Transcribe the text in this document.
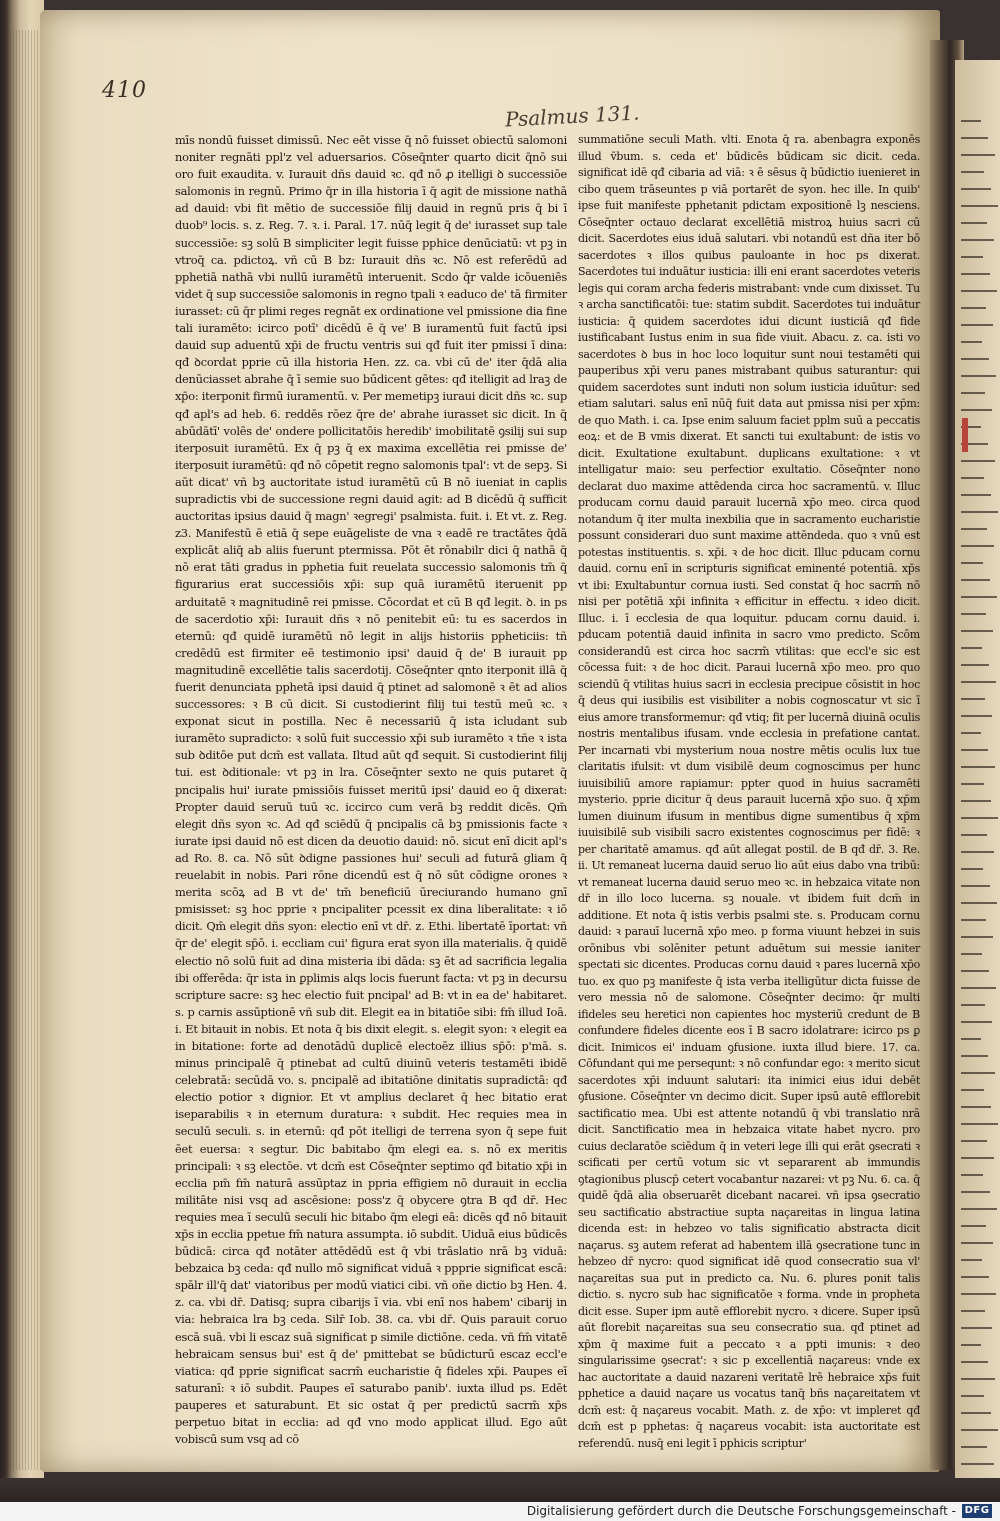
410
Psalmus 131.

mīs nondū fuisset dimissū. Nec eēt visse q̄ nō fuisset obiectū salomoni noniter regnāti ppl'z vel aduersarios. Cōseq̄nter quarto dicit q̄nō sui oro fuit exaudita. v. Iurauit dñs dauid ꝛc. qđ nō ꝓ itelligi ꝺ successiōe salomonis in regnū. Primo q̄r in illa historia ī q̄ agit de missione nathā ad dauid: vbi fit mētio de successiōe filij dauid in regnū pris q̄ bi ī duob⁹ locis. s. z. Reg. 7. ꝛ. i. Paral. 17. nūq̄ legit q̄ de' iurasset sup tale successiōe: sꝫ solū B simpliciter legit fuisse pphice denūciatū: vt pꝫ in vtroq̄ ca. pdictoꝝ. vñ cū B bz: Iurauit dñs ꝛc. Nō est referēdū ad pphetiā nathā vbi nullū iuramētū interuenit. Scdo q̄r valde icōueniēs videt q̄ sup successiōe salomonis in regno tpali ꝛ eaduco de' tā firmiter iurasset: cū q̄r plimi reges regnāt ex ordinatione vel pmissione dia fine tali iuramēto: icirco potī' dicēdū ē q̄ ve' B iuramentū fuit factū ipsi dauid sup aduentū xp̄i de fructu ventris sui qđ fuit iter pmissi ī dina: qđ ꝺcordat pprie cū illa historia Hen. zz. ca. vbi cū de' iter q̄dā alia denūciasset abrahe q̄ ī semie suo būdicent gētes: qđ itelligit ad lraꝫ de xp̄o: iterponit firmū iuramentū. v. Per memetipꝫ iuraui dicit dñs ꝛc. sup qđ apl's ad heb. 6. reddēs rōez q̄re de' abrahe iurasset sic dicit. In q̄ abūdātī' volēs de' ondere pollicitatōis heredib' imobilitatē ꝯsilij sui sup iterposuit iuramētū. Ex q̄ pꝫ q̄ ex maxima excellētia rei pmisse de' iterposuit iuramētū: qđ nō cōpetit regno salomonis tpal': vt de sepꝫ. Si aūt dicat' vñ bꝫ auctoritate istud iuramētū cū B nō iueniat in caplis supradictis vbi de successione regni dauid agit: ad B dicēdū q̄ sufficit auctoritas ipsius dauid q̄ magn' ꝛegregi' psalmista. fuit. i. Et vt. z. Reg. z3. Manifestū ē etiā q̄ sepe euāgeliste de vna ꝛ eadē re tractātes q̄dā explicāt aliq̄ ab aliis fuerunt ptermissa. Pōt ēt rōnabilr dici q̄ nathā q̄ nō erat tāti gradus in pphetia fuit reuelata successio salomonis tm̄ q̄ figurarius erat successiōis xp̄i: sup quā iuramētū iteruenit pp arduitatē ꝛ magnitudinē rei pmisse. Cōcordat et cū B qđ legit. ꝺ. in ps de sacerdotio xp̄i: Iurauit dñs ꝛ nō penitebit eū: tu es sacerdos in eternū: qđ quidē iuramētū nō legit in alijs historiis ppheticiis: tñ credēdū est firmiter eē testimonio ipsi' dauid q̄ de' B iurauit pp magnitudinē excellētie talis sacerdotij. Cōseq̄nter qnto iterponit illā q̄ fuerit denunciata pphetā ipsi dauid q̄ ptinet ad salomonē ꝛ ēt ad alios successores: ꝛ B cū dicit. Si custodierint filij tui testū meū ꝛc. ꝛ exponat sicut in postilla. Nec ē necessariū q̄ ista icludant sub iuramēto supradicto: ꝛ solū fuit successio xp̄i sub iuramēto ꝛ tñe ꝛ ista sub ꝺditōe put dcm̄ est vallata. Iltud aūt qđ sequit. Si custodierint filij tui. est ꝺditionale: vt pꝫ in lra. Cōseq̄nter sexto ne quis putaret q̄ pncipalis hui' iurate pmissiōis fuisset meritū ipsi' dauid eo q̄ dixerat: Propter dauid seruū tuū ꝛc. iccirco cum verā bꝫ reddit dicēs. Qm̄ elegit dñs syon ꝛc. Ad qđ sciēdū q̄ pncipalis cā bꝫ pmissionis facte ꝛ iurate ipsi dauid nō est dicen da deuotio dauid: nō. sicut enī dicit apl's ad Ro. 8. ca. Nō sūt ꝺdigne passiones hui' seculi ad futurā gliam q̄ reuelabit in nobis. Pari rōne dicendū est q̄ nō sūt cōdigne orones ꝛ merita scōꝝ ad B vt de' tm̄ beneficiū ūreciurando humano gnī pmisisset: sꝫ hoc pprie ꝛ pncipaliter pcessit ex dina liberalitate: ꝛ iō dicit. Qm̄ elegit dñs syon: electio enī vt dr̄. z. Ethi. libertatē īportat: vñ q̄r de' elegit sp̄ō. i. eccliam cui' figura erat syon illa materialis. q̄ quidē electio nō solū fuit ad dina misteria ibi dāda: sꝫ ēt ad sacrificia legalia ibi offerēda: q̄r ista in ꝑplimis alqs locis fuerunt facta: vt pꝫ in decursu scripture sacre: sꝫ hec electio fuit pncipal' ad B: vt in ea de' habitaret. s. p carnis assūptionē vñ sub dit. Elegit ea in bitatiōe sibi: fm̄ illud Ioā. i. Et bitauit in nobis. Et nota q̄ bis dixit elegit. s. elegit syon: ꝛ elegit ea in bitatione: forte ad denotādū duplicē electoēz illius sp̄ō: p'mā. s. minus principalē q̄ ptinebat ad cultū diuinū veteris testamēti ibidē celebratā: secūdā vo. s. pncipalē ad ibitatiōne dinitatis supradictā: qđ electio potior ꝛ dignior. Et vt amplius declaret q̄ hec bitatio erat iseparabilis ꝛ in eternum duratura: ꝛ subdit. Hec requies mea in seculū seculi. s. in eternū: qđ pōt itelligi de terrena syon q̄ sepe fuit ēet euersa: ꝛ segtur. Dic babitabo q̄m elegi ea. s. nō ex meritis principali: ꝛ sꝫ electōe. vt dcm̄ est Cōseq̄nter septimo qđ bitatio xp̄i in ecclia pm̄ fm̄ naturā assūptaz in ppria effigiem nō durauit in ecclia militāte nisi vsq ad ascēsione: poss'z q̄ obycere ꝯtra B qđ dr̄. Hec requies mea ī seculū seculi hic bitabo q̄m elegi eā: dicēs qđ nō bitauit xp̄s in ecclia ppetue fm̄ natura assumpta. iō subdit. Uiduā eius būdicēs būdicā: circa qđ notāter attēdēdū est q̄ vbi trāslatio nrā bꝫ viduā: bebzaica bꝫ ceda: qđ nullo mō significat viduā ꝛ ppprie significat escā: spālr ill'q̄ dat' viatoribus per modū viatici cibi. vñ oñe dictio bꝫ Hen. 4. z. ca. vbi dr̄. Datisq; supra cibarijs ī via. vbi enī nos habem' cibarij in via: hebraica lra bꝫ ceda. Silr̄ Iob. 38. ca. vbi dr̄. Quis parauit coruo escā suā. vbi li escaz suā significat p simile dictiōne. ceda. vñ fm̄ vitatē hebraicam sensus bui' est q̄ de' pmittebat se būdicturū escaz eccl'e viatica: qđ pprie significat sacrm̄ eucharistie q̄ fideles xp̄i. Paupes eī saturanī: ꝛ iō subdit. Paupes eī saturabo panib'. iuxta illud ps. Edēt pauperes et saturabunt. Et sic ostat q̄ per predictū sacrm̄ xp̄s perpetuo bitat in ecclia: ad qđ vno modo applicat illud. Ego aūt vobiscū sum vsq ad cō

summatiōne seculi Math. vlti. Enota q̄ ra. abenbagra exponēs illud v̄bum. s. ceda et' būdicēs būdicam sic dicit. ceda. significat idē qđ cibaria ad viā: ꝛ ē sēsus q̄ būdictio iuenieret in cibo quem trāseuntes p viā portarēt de syon. hec ille. In quib' ipse fuit manifeste pphetanit pdictam expositionē lꝫ nesciens. Cōseq̄nter octauo declarat excellētiā mistroꝝ huius sacri cū dicit. Sacerdotes eius iduā salutari. vbi notandū est dña iter bō sacerdotes ꝛ illos quibus pauloante in hoc ps dixerat. Sacerdotes tui induātur iusticia: illi eni erant sacerdotes veteris legis qui coram archa federis mistrabant: vnde cum dixisset. Tu ꝛ archa sanctificatōi: tue: statim subdit. Sacerdotes tui induātur iusticia: q̄ quidem sacerdotes idui dicunt iusticiā qđ fide iustificabant Iustus enim in sua fide viuit. Abacu. z. ca. isti vo sacerdotes ꝺ bus in hoc loco loquitur sunt noui testamēti qui pauperibus xp̄i veru panes mistrabant quibus saturantur: qui quidem sacerdotes sunt induti non solum iusticia iduūtur: sed etiam salutari. salus enī nūq̄ fuit data aut pmissa nisi per xp̄m: de quo Math. i. ca. Ipse enim saluum faciet pplm suū a peccatis eoꝝ: et de B vmis dixerat. Et sancti tui exultabunt: de istis vo dicit. Exultatione exultabunt. duplicans exultatione: ꝛ vt intelligatur maio: seu perfectior exultatio. Cōseq̄nter nono declarat duo maxime attēdenda circa hoc sacramentū. v. Illuc producam cornu dauid parauit lucernā xp̄o meo. circa quod notandum q̄ iter multa inexbilia que in sacramento eucharistie possunt considerari duo sunt maxime attēndeda. quo ꝛ vnū est potestas instituentis. s. xp̄i. ꝛ de hoc dicit. Illuc pducam cornu dauid. cornu enī in scripturis significat eminenté potentiā. xp̄s vt ibi: Exultabuntur cornua iusti. Sed constat q̄ hoc sacrm̄ nō nisi per potētiā xp̄i infinita ꝛ efficitur in effectu. ꝛ ideo dicit. Illuc. i. ī ecclesia de qua loquitur. pducam cornu dauid. i. pducam potentiā dauid infinita in sacro vmo predicto. Scōm considerandū est circa hoc sacrm̄ vtilitas: que eccl'e sic est cōcessa fuit: ꝛ de hoc dicit. Paraui lucernā xp̄o meo. pro quo sciendū q̄ vtilitas huius sacri in ecclesia precipue cōsistit in hoc q̄ deus qui iusibilis est visibiliter a nobis cognoscatur vt sic ī eius amore transformemur: qđ vtiq; fit per lucernā diuinā oculis nostris mentalibus ifusam. vnde ecclesia in prefatione cantat. Per incarnati vbi mysterium noua nostre mētis oculis lux tue claritatis ifulsit: vt dum visibilē deum cognoscimus per hunc iuuisibiliū amore rapiamur: ppter quod in huius sacramēti mysterio. pprie dicitur q̄ deus parauit lucernā xp̄o suo. q̄ xp̄m lumen diuinum ifusum in mentibus digne sumentibus q̄ xp̄m iuuisibilē sub visibili sacro existentes cognoscimus per fidē: ꝛ per charitatē amamus. qđ aūt allegat postil. de B qđ dr̄. 3. Re. ii. Ut remaneat lucerna dauid seruo lio aūt eius dabo vna tribū: vt remaneat lucerna dauid seruo meo ꝛc. in hebzaica vitate non dr̄ in illo loco lucerna. sꝫ nouale. vt ibidem fuit dcm̄ in additione. Et nota q̄ istis verbis psalmi ste. s. Producam cornu dauid: ꝛ parauī lucernā xp̄o meo. p forma viuunt hebzei in suis orōnibus vbi solēniter petunt aduētum sui messie ianiter spectati sic dicentes. Producas cornu dauid ꝛ pares lucernā xp̄o tuo. ex quo pꝫ manifeste q̄ ista verba itelligūtur dicta fuisse de vero messia nō de salomone. Cōseq̄nter decimo: q̄r multi ifideles seu heretici non capientes hoc mysteriū credunt de B confundere fideles dicente eos ī B sacro idolatrare: icirco ps ꝑ dicit. Inimicos ei' induam ꝯfusione. iuxta illud biere. 17. ca. Cōfundant qui me persequnt: ꝛ nō confundar ego: ꝛ merito sicut sacerdotes xp̄i induunt salutari: ita inimici eius idui debēt ꝯfusione. Cōseq̄nter vn decimo dicit. Super ipsū autē efflorebit sactificatio mea. Ubi est attente notandū q̄ vbi translatio nrā dicit. Sanctificatio mea in hebzaica vitate habet nycro. pro cuius declaratōe sciēdum q̄ in veteri lege illi qui erāt ꝯsecrati ꝛ scificati per certū votum sic vt separarent ab immundis ꝯtagionibus pluscp̄ cetert vocabantur nazarei: vt pꝫ Nu. 6. ca. q̄ quidē q̄dā alia obseruarēt dicebant nacarei. vñ ipsa ꝯsecratio seu sactificatio abstractiue supta naçareitas in lingua latina dicenda est: in hebzeo vo talis significatio abstracta dicit naçarus. sꝫ autem referat ad habentem illā ꝯsecratione tunc in hebzeo dr̄ nycro: quod significat idē quod consecratio sua vl' naçareitas sua put in predicto ca. Nu. 6. plures ponit talis dictio. s. nycro sub hac significatōe ꝛ forma. vnde in propheta dicit esse. Super ipm autē efflorebit nycro. ꝛ dicere. Super ipsū aūt florebit naçareitas sua seu consecratio sua. qđ ptinet ad xp̄m q̄ maxime fuit a peccato ꝛ a ppti imunis: ꝛ deo singularissime ꝯsecrat': ꝛ sic p excellentiā naçareus: vnde ex hac auctoritate a dauid nazareni veritatē lrē hebraice xp̄s fuit pphetice a dauid naçare us vocatus tanq̄ bñs naçareitatem vt dcm̄ est: q̄ naçareus vocabit. Math. z. de xp̄o: vt impleret qđ dcm̄ est p pphetas: q̄ naçareus vocabit: ista auctoritate est referendū. nusq̄ eni legit ī pphicis scriptur'

Digitalisierung gefördert durch die Deutsche Forschungsgemeinschaft - DFG
